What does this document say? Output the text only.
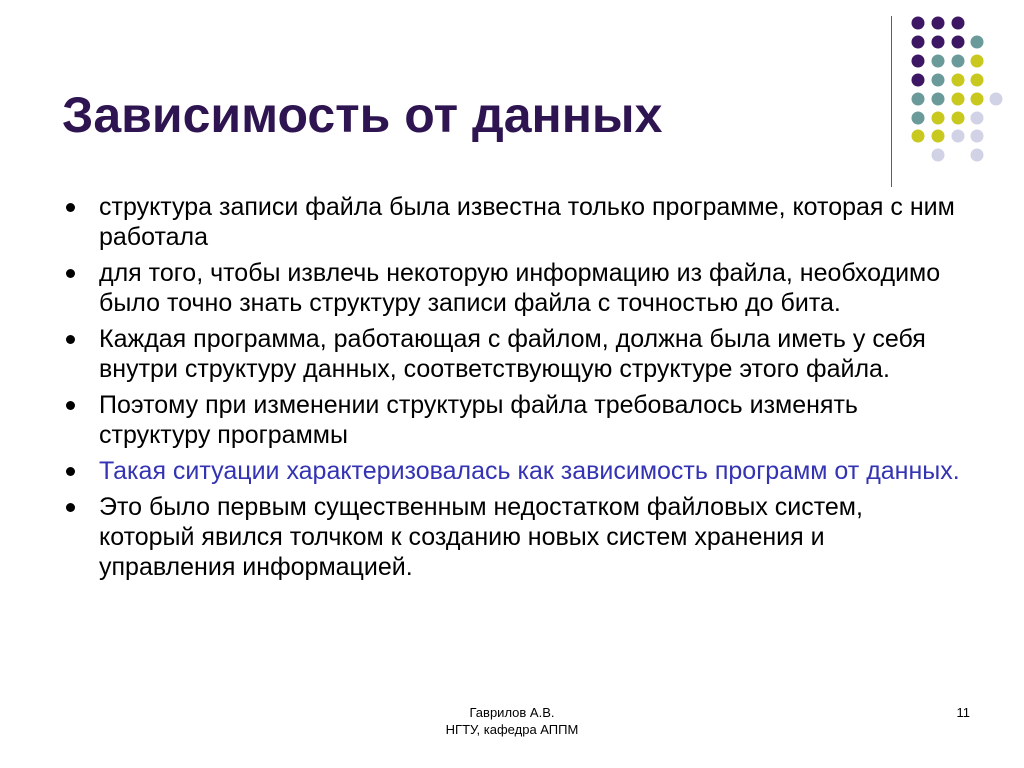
Зависимость от данных
структура записи файла была известна только программе, которая с ним работала
для того, чтобы извлечь некоторую информацию из файла, необходимо было точно знать структуру записи файла с точностью до бита.
Каждая программа, работающая с файлом, должна была иметь у себя внутри структуру данных, соответствующую структуре этого файла.
Поэтому при изменении структуры файла требовалось изменять структуру программы
Такая ситуации характеризовалась как зависимость программ от данных.
Это было первым существенным недостатком файловых систем, который явился толчком к созданию новых систем хранения и управления информацией.
Гаврилов А.В.
НГТУ, кафедра АППМ
11
